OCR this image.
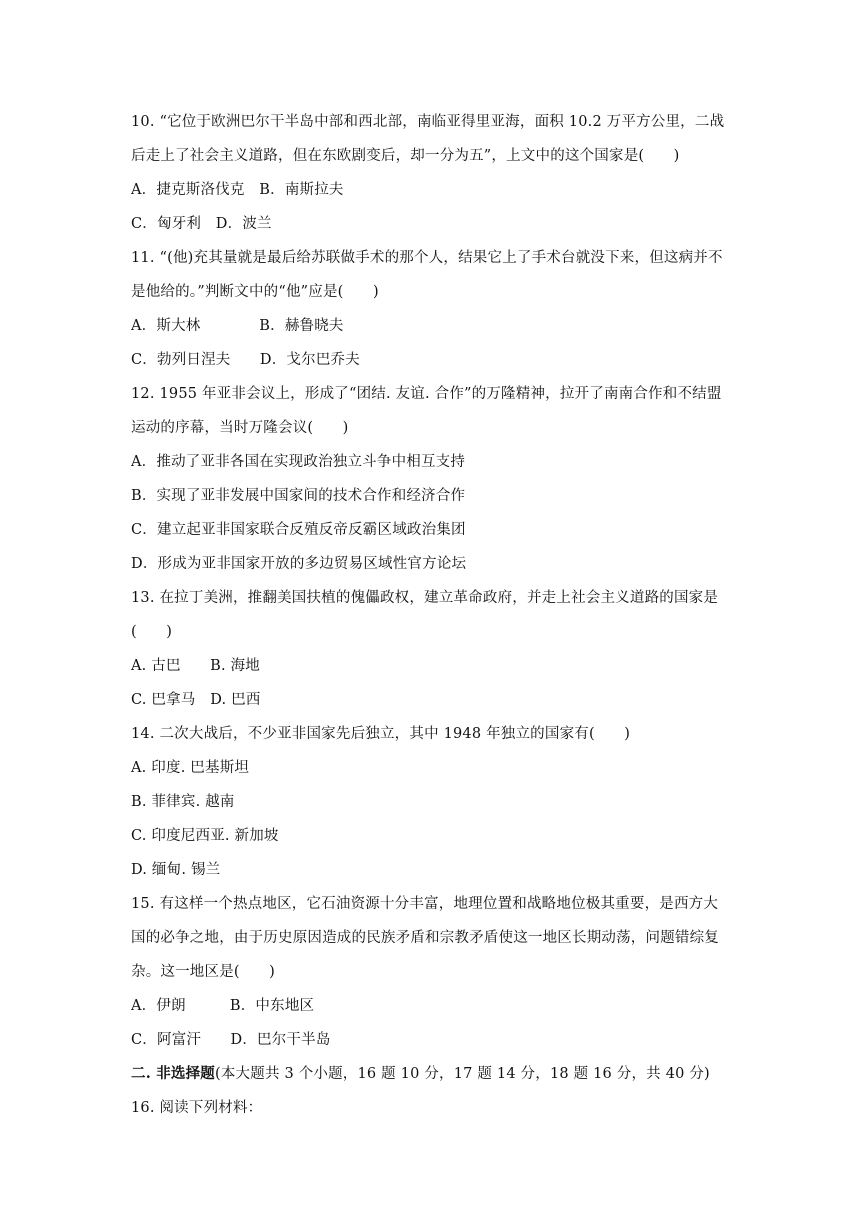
10. “它位于欧洲巴尔干半岛中部和西北部，南临亚得里亚海，面积 10.2 万平方公里，二战
后走上了社会主义道路，但在东欧剧变后，却一分为五”，上文中的这个国家是(　　)
A．捷克斯洛伐克　B．南斯拉夫
C．匈牙利　D．波兰
11. “(他)充其量就是最后给苏联做手术的那个人，结果它上了手术台就没下来，但这病并不
是他给的。”判断文中的“他”应是(　　)
A．斯大林　　　　B．赫鲁晓夫
C．勃列日涅夫　　D．戈尔巴乔夫
12. 1955 年亚非会议上，形成了“团结. 友谊. 合作”的万隆精神，拉开了南南合作和不结盟
运动的序幕，当时万隆会议(　　)
A．推动了亚非各国在实现政治独立斗争中相互支持
B．实现了亚非发展中国家间的技术合作和经济合作
C．建立起亚非国家联合反殖反帝反霸区域政治集团
D．形成为亚非国家开放的多边贸易区域性官方论坛
13. 在拉丁美洲，推翻美国扶植的傀儡政权，建立革命政府，并走上社会主义道路的国家是
(　　)
A. 古巴　　B. 海地
C. 巴拿马　D. 巴西
14. 二次大战后，不少亚非国家先后独立，其中 1948 年独立的国家有(　　)
A. 印度. 巴基斯坦
B. 菲律宾. 越南
C. 印度尼西亚. 新加坡
D. 缅甸. 锡兰
15. 有这样一个热点地区，它石油资源十分丰富，地理位置和战略地位极其重要，是西方大
国的必争之地，由于历史原因造成的民族矛盾和宗教矛盾使这一地区长期动荡，问题错综复
杂。这一地区是(　　)
A．伊朗　　　B．中东地区
C．阿富汗　　D．巴尔干半岛
二. 非选择题(本大题共 3 个小题，16 题 10 分，17 题 14 分，18 题 16 分，共 40 分)
16. 阅读下列材料：
